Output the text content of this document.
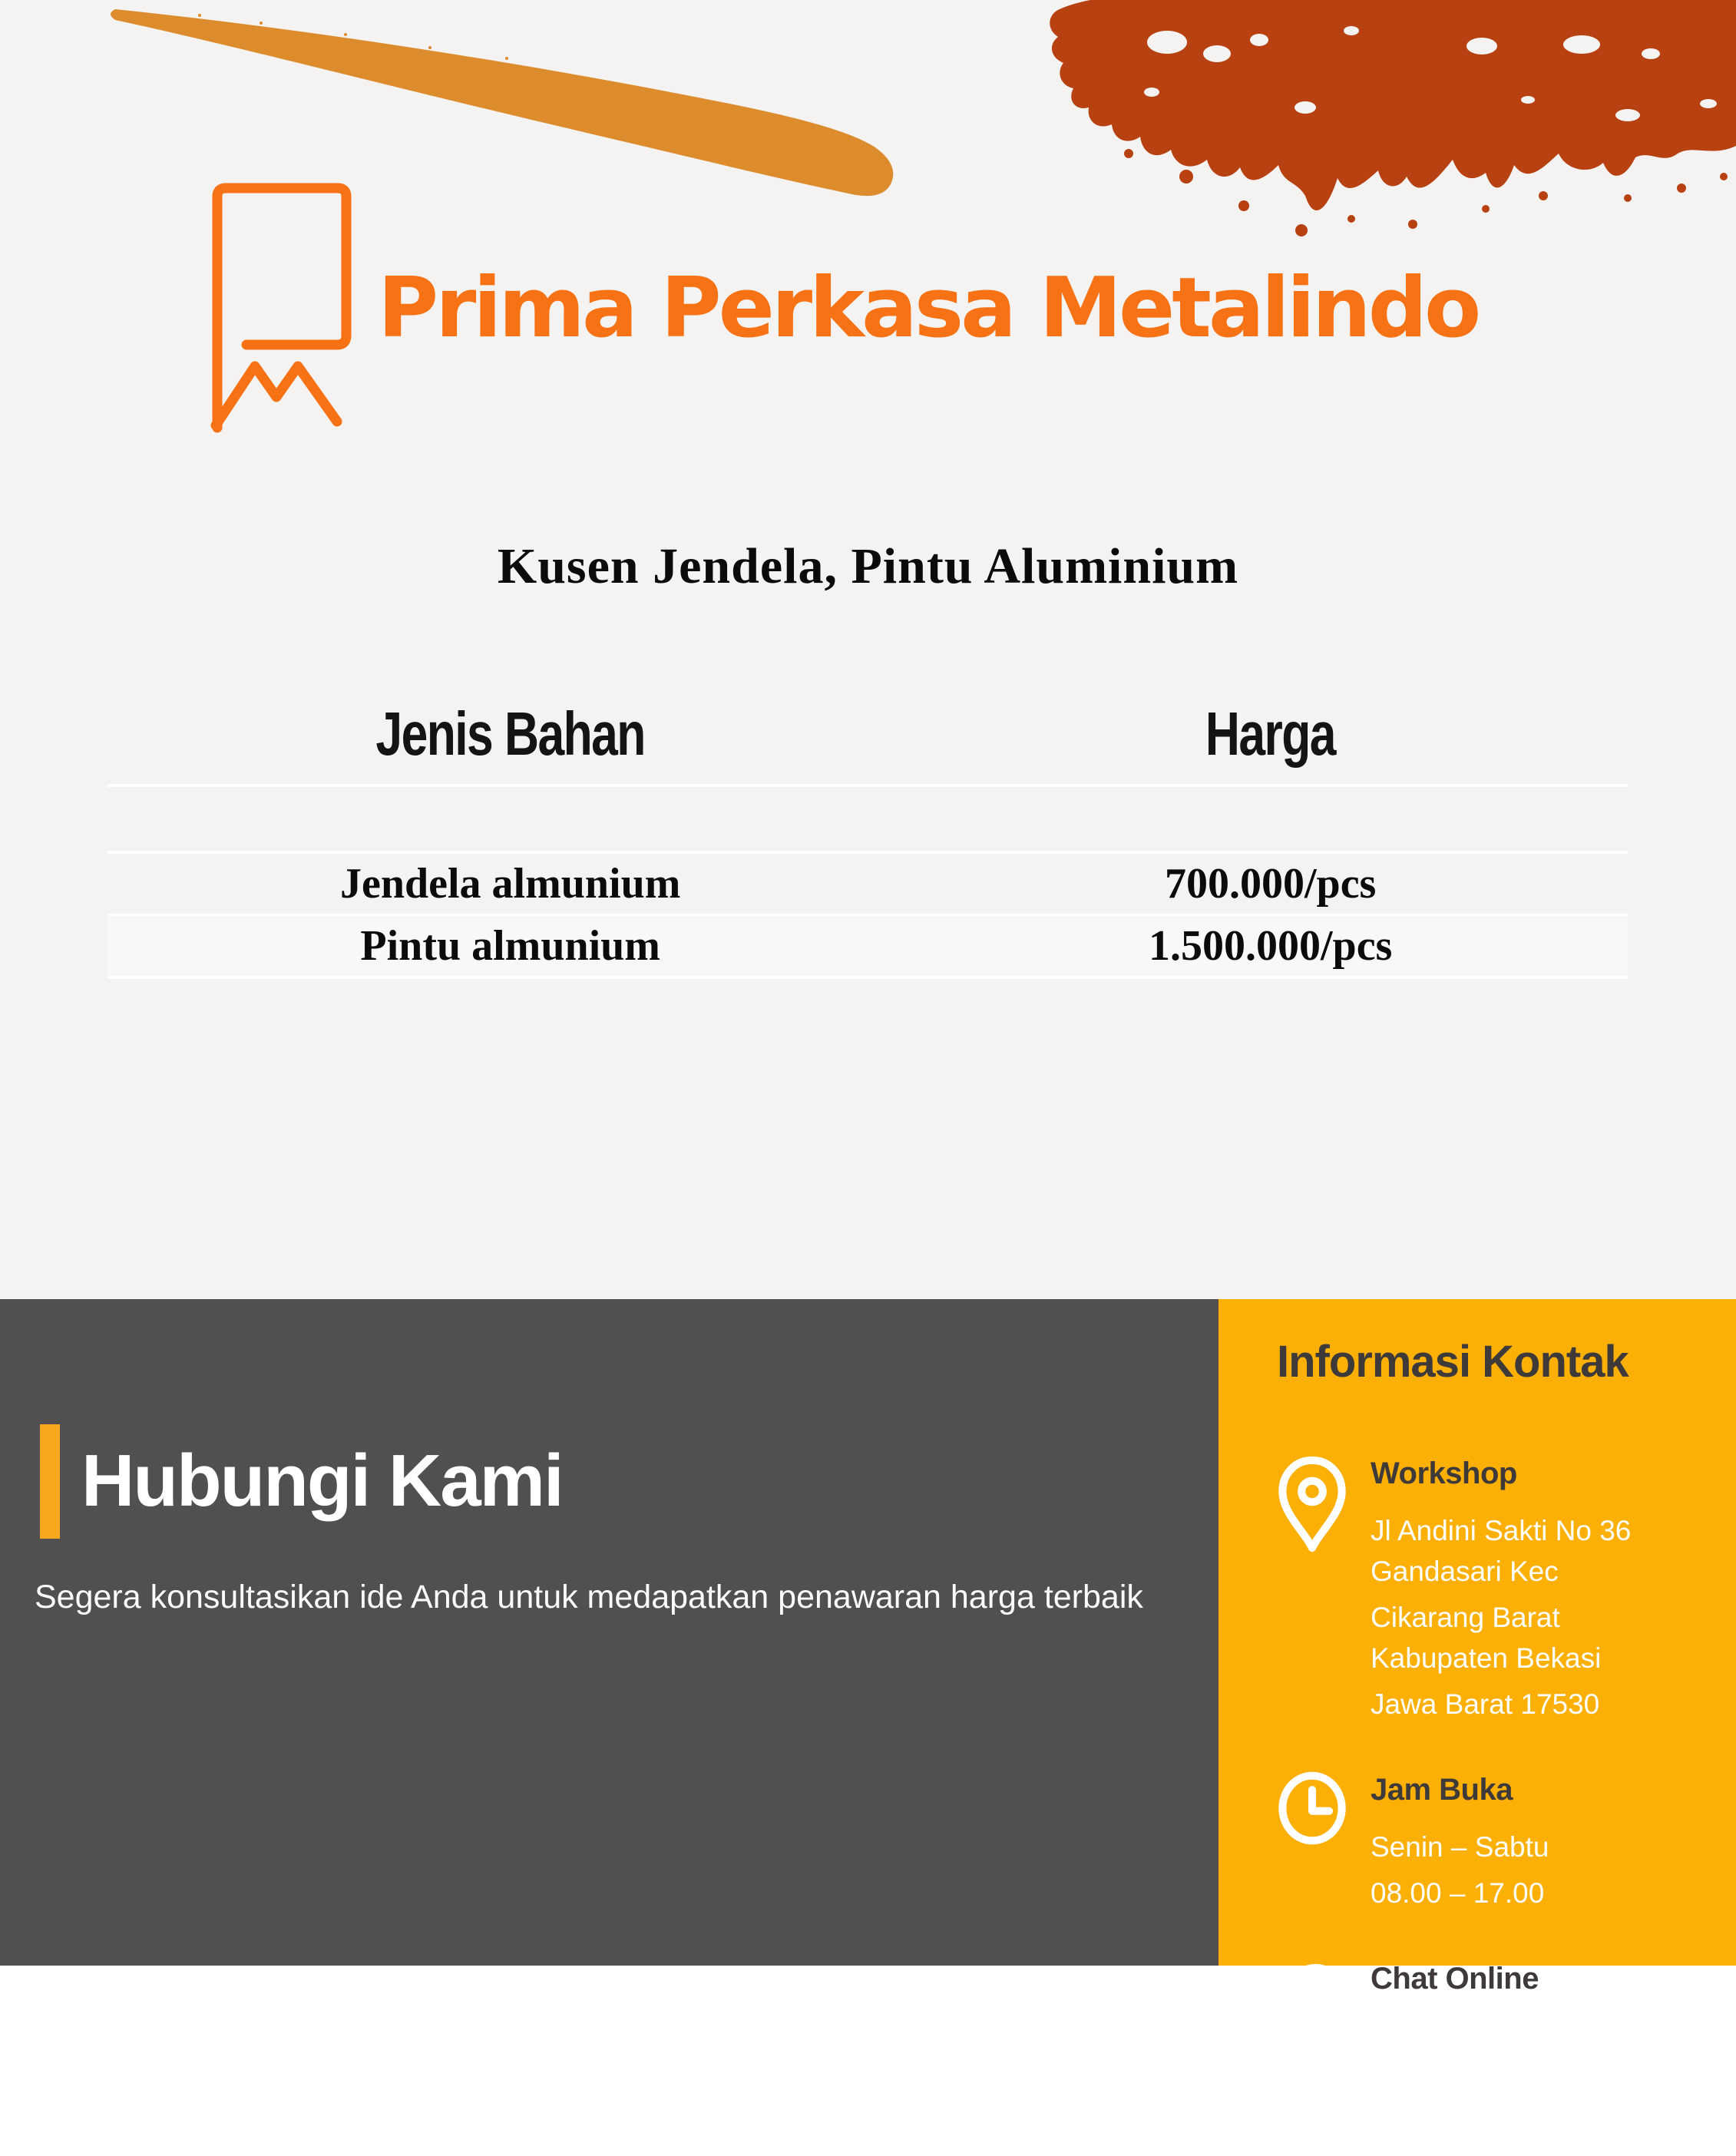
Prima Perkasa Metalindo
Kusen Jendela, Pintu Aluminium
Jenis Bahan	Harga
Jendela almunium	700.000/pcs
Pintu almunium	1.500.000/pcs
Hubungi Kami
Segera konsultasikan ide Anda untuk medapatkan penawaran harga terbaik
Informasi Kontak
Workshop
Jl Andini Sakti No 36 Gandasari Kec
Cikarang Barat Kabupaten Bekasi
Jawa Barat 17530
Jam Buka
Senin – Sabtu
08.00 – 17.00
Chat Online
+62 812-1550-0267
